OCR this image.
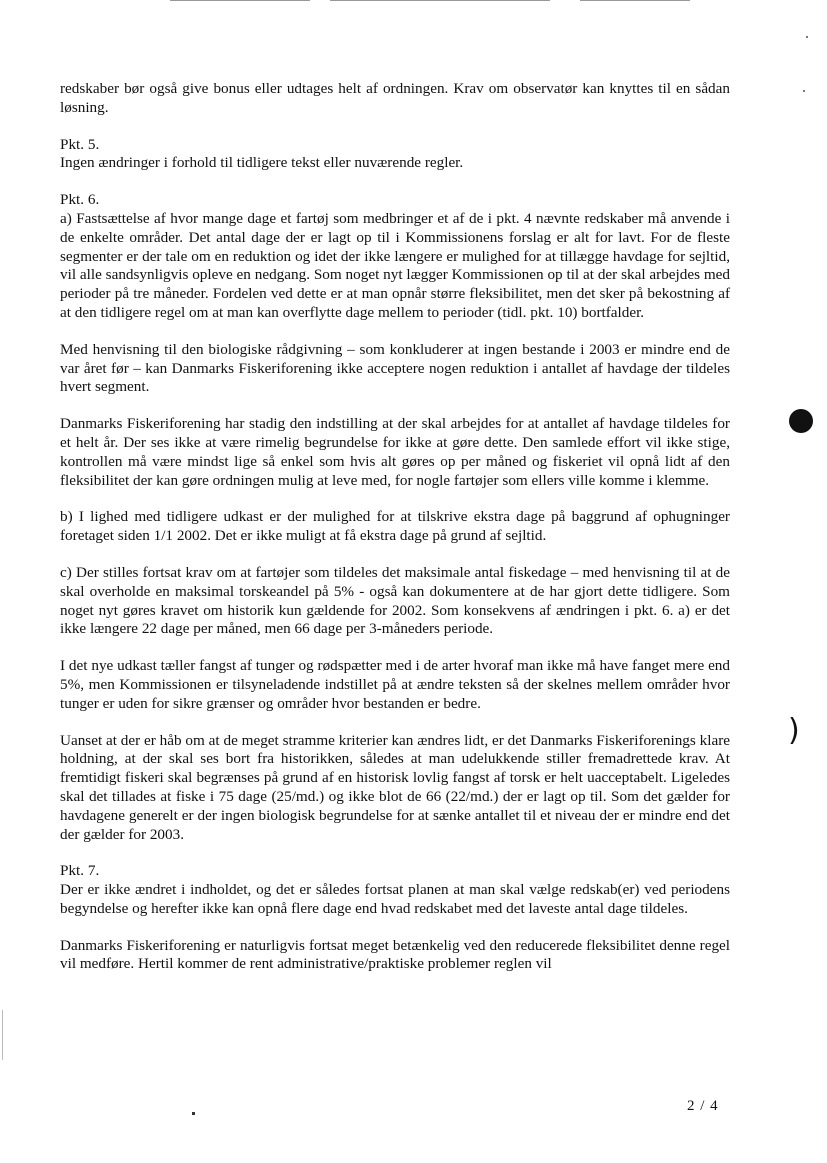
redskaber bør også give bonus eller udtages helt af ordningen. Krav om observatør kan knyttes til en sådan løsning.

Pkt. 5.

Ingen ændringer i forhold til tidligere tekst eller nuværende regler.

Pkt. 6.

a) Fastsættelse af hvor mange dage et fartøj som medbringer et af de i pkt. 4 nævnte redskaber må anvende i de enkelte områder. Det antal dage der er lagt op til i Kommissionens forslag er alt for lavt. For de fleste segmenter er der tale om en reduktion og idet der ikke længere er mulighed for at tillægge havdage for sejltid, vil alle sandsynligvis opleve en nedgang. Som noget nyt lægger Kommissionen op til at der skal arbejdes med perioder på tre måneder. Fordelen ved dette er at man opnår større fleksibilitet, men det sker på bekostning af at den tidligere regel om at man kan overflytte dage mellem to perioder (tidl. pkt. 10) bortfalder.

Med henvisning til den biologiske rådgivning – som konkluderer at ingen bestande i 2003 er mindre end de var året før – kan Danmarks Fiskeriforening ikke acceptere nogen reduktion i antallet af havdage der tildeles hvert segment.

Danmarks Fiskeriforening har stadig den indstilling at der skal arbejdes for at antallet af havdage tildeles for et helt år. Der ses ikke at være rimelig begrundelse for ikke at gøre dette. Den samlede effort vil ikke stige, kontrollen må være mindst lige så enkel som hvis alt gøres op per måned og fiskeriet vil opnå lidt af den fleksibilitet der kan gøre ordningen mulig at leve med, for nogle fartøjer som ellers ville komme i klemme.

b) I lighed med tidligere udkast er der mulighed for at tilskrive ekstra dage på baggrund af ophugninger foretaget siden 1/1 2002. Det er ikke muligt at få ekstra dage på grund af sejltid.

c) Der stilles fortsat krav om at fartøjer som tildeles det maksimale antal fiskedage – med henvisning til at de skal overholde en maksimal torskeandel på 5% - også kan dokumentere at de har gjort dette tidligere. Som noget nyt gøres kravet om historik kun gældende for 2002. Som konsekvens af ændringen i pkt. 6. a) er det ikke længere 22 dage per måned, men 66 dage per 3-måneders periode.

I det nye udkast tæller fangst af tunger og rødspætter med i de arter hvoraf man ikke må have fanget mere end 5%, men Kommissionen er tilsyneladende indstillet på at ændre teksten så der skelnes mellem områder hvor tunger er uden for sikre grænser og områder hvor bestanden er bedre.

Uanset at der er håb om at de meget stramme kriterier kan ændres lidt, er det Danmarks Fiskeriforenings klare holdning, at der skal ses bort fra historikken, således at man udelukkende stiller fremadrettede krav. At fremtidigt fiskeri skal begrænses på grund af en historisk lovlig fangst af torsk er helt uacceptabelt. Ligeledes skal det tillades at fiske i 75 dage (25/md.) og ikke blot de 66 (22/md.) der er lagt op til. Som det gælder for havdagene generelt er der ingen biologisk begrundelse for at sænke antallet til et niveau der er mindre end det der gælder for 2003.

Pkt. 7.

Der er ikke ændret i indholdet, og det er således fortsat planen at man skal vælge redskab(er) ved periodens begyndelse og herefter ikke kan opnå flere dage end hvad redskabet med det laveste antal dage tildeles.

Danmarks Fiskeriforening er naturligvis fortsat meget betænkelig ved den reducerede fleksibilitet denne regel vil medføre. Hertil kommer de rent administrative/praktiske problemer reglen vil

)
2 / 4
